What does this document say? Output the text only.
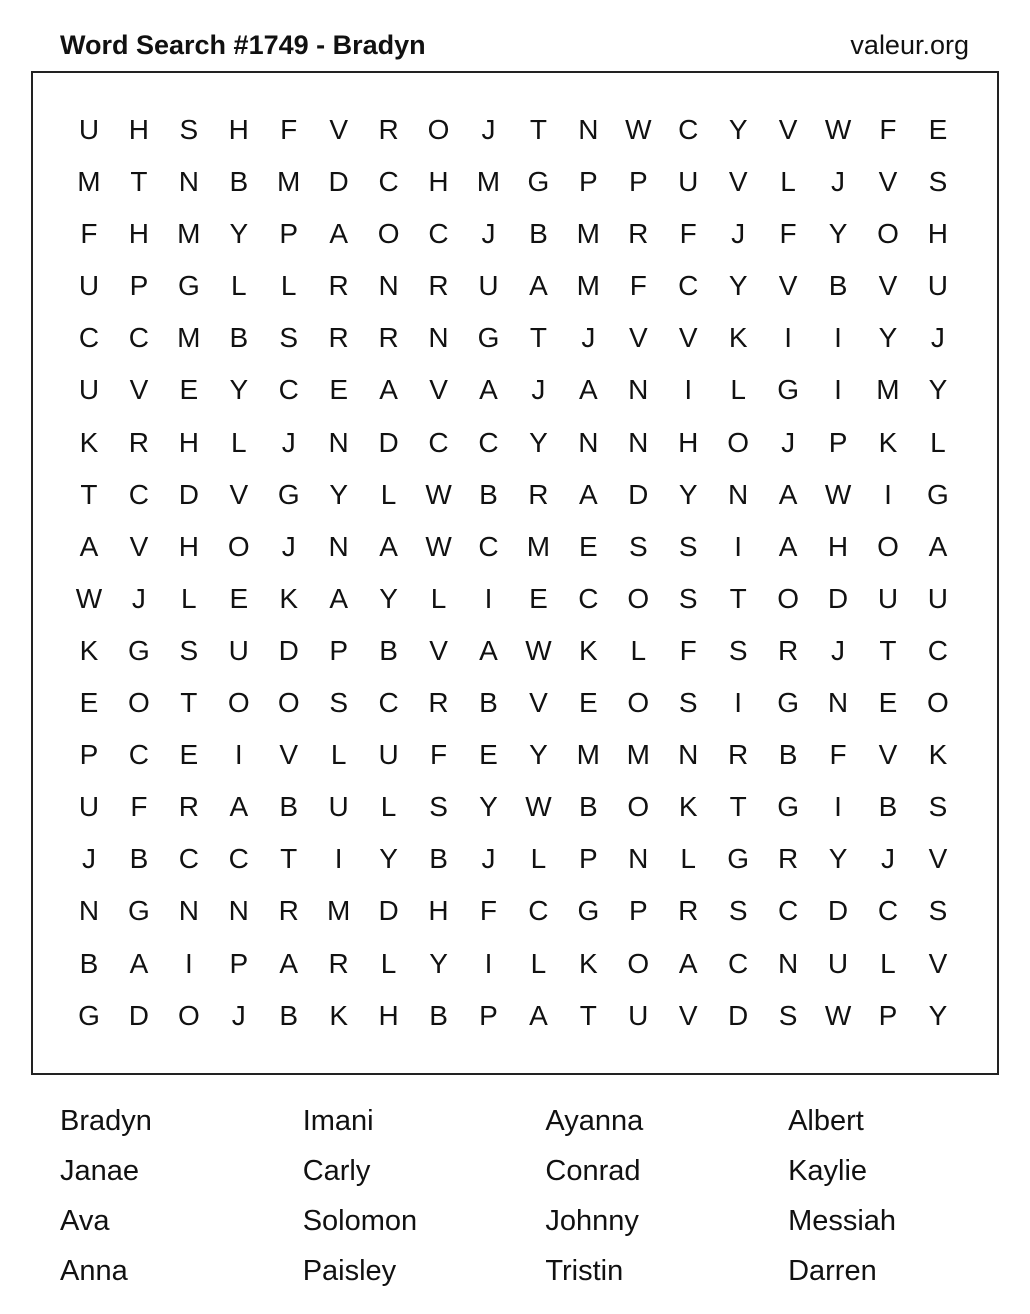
Word Search #1749 - Bradyn	valeur.org
U	H	S	H	F	V	R	O	J	T	N W C	Y	V W	F	E
M	T	N	B	M	D	C	H	M G	P	P	U	V	L	J	V	S
F	H	M	Y	P	A	O	C	J	B	M	R	F	J	F	Y	O	H
U	P	G	L	L	R	N	R	U	A	M	F	C	Y	V	B	V	U
C	C	M	B	S	R	R	N	G	T	J	V	V	K	I	I	Y	J
U	V	E	Y	C	E	A	V	A	J	A	N	I	L	G	I	M	Y
K	R	H	L	J	N	D	C	C	Y	N	N	H	O	J	P	K	L
T	C	D	V	G	Y	L	W B	R	A	D	Y	N	A W	I	G
A	V	H	O	J	N	A W C	M	E	S	S	I	A	H	O	A
W	J	L	E	K	A	Y	L	I	E	C	O	S	T	O	D	U	U
K	G	S	U	D	P	B	V	A W K	L	F	S	R	J	T	C
E	O	T	O	O	S	C	R	B	V	E	O	S	I	G	N	E	O
P	C	E	I	V	L	U	F	E	Y	M M	N	R	B	F	V	K
U	F	R	A	B	U	L	S	Y W B	O	K	T	G	I	B	S
J	B	C	C	T	I	Y	B	J	L	P	N	L	G	R	Y	J	V
N	G	N	N	R	M	D	H	F	C	G	P	R	S	C	D	C	S
B	A	I	P	A	R	L	Y	I	L	K	O	A	C	N	U	L	V
G	D	O	J	B	K	H	B	P	A	T	U	V	D	S W P	Y
Bradyn	Imani	Ayanna	Albert
Janae	Carly	Conrad	Kaylie
Ava	Solomon	Johnny	Messiah
Anna	Paisley	Tristin	Darren
